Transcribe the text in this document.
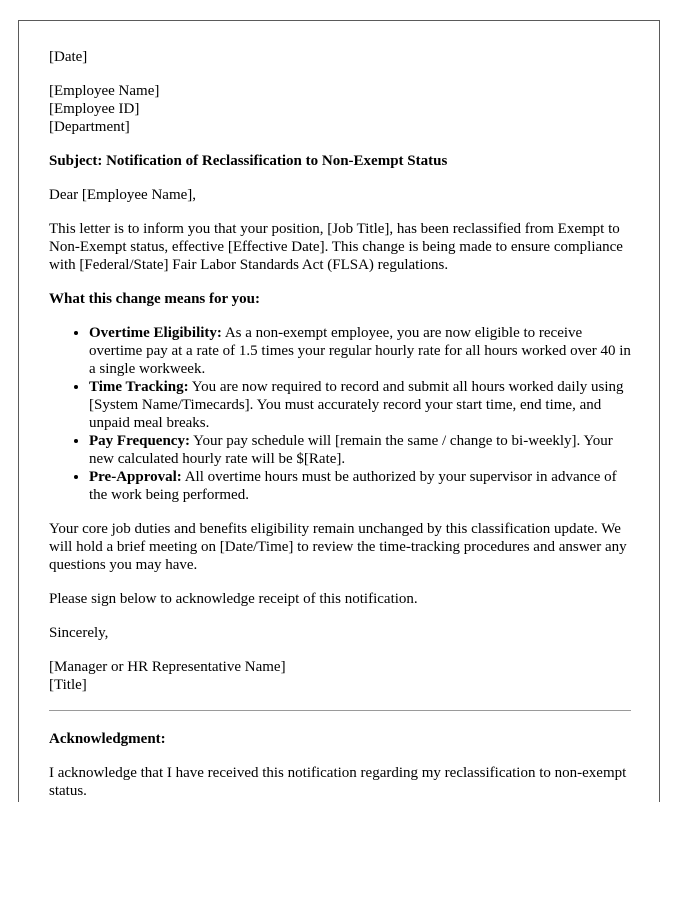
[Date]

[Employee Name]
[Employee ID]
[Department]

Subject: Notification of Reclassification to Non-Exempt Status

Dear [Employee Name],

This letter is to inform you that your position, [Job Title], has been reclassified from Exempt to Non-Exempt status, effective [Effective Date]. This change is being made to ensure compliance with [Federal/State] Fair Labor Standards Act (FLSA) regulations.

What this change means for you:

• Overtime Eligibility: As a non-exempt employee, you are now eligible to receive overtime pay at a rate of 1.5 times your regular hourly rate for all hours worked over 40 in a single workweek.
• Time Tracking: You are now required to record and submit all hours worked daily using [System Name/Timecards]. You must accurately record your start time, end time, and unpaid meal breaks.
• Pay Frequency: Your pay schedule will [remain the same / change to bi-weekly]. Your new calculated hourly rate will be $[Rate].
• Pre-Approval: All overtime hours must be authorized by your supervisor in advance of the work being performed.

Your core job duties and benefits eligibility remain unchanged by this classification update. We will hold a brief meeting on [Date/Time] to review the time-tracking procedures and answer any questions you may have.

Please sign below to acknowledge receipt of this notification.

Sincerely,

[Manager or HR Representative Name]
[Title]

Acknowledgment:

I acknowledge that I have received this notification regarding my reclassification to non-exempt status.
